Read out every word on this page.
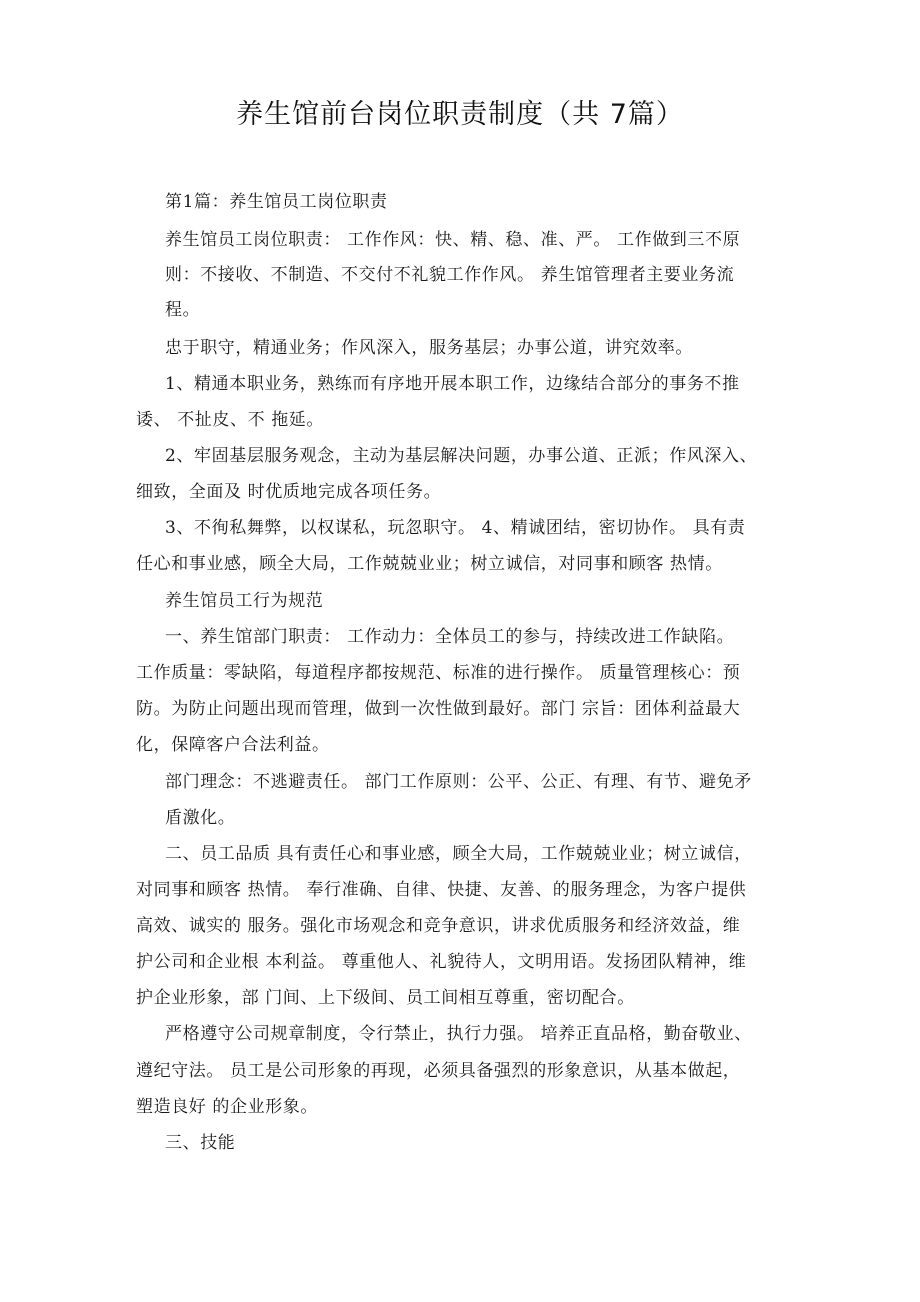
养生馆前台岗位职责制度（共 7篇）
第1篇：养生馆员工岗位职责
养生馆员工岗位职责： 工作作风：快、精、稳、准、严。 工作做到三不原
则：不接收、不制造、不交付不礼貌工作作风。 养生馆管理者主要业务流
程。
忠于职守，精通业务；作风深入，服务基层；办事公道，讲究效率。
1、精通本职业务，熟练而有序地开展本职工作，边缘结合部分的事务不推
诿、 不扯皮、不 拖延。
2、牢固基层服务观念，主动为基层解决问题，办事公道、正派；作风深入、
细致，全面及 时优质地完成各项任务。
3、不徇私舞弊，以权谋私，玩忽职守。 4、精诚团结，密切协作。 具有责
任心和事业感，顾全大局，工作兢兢业业；树立诚信，对同事和顾客 热情。
养生馆员工行为规范
一、养生馆部门职责： 工作动力：全体员工的参与，持续改进工作缺陷。
工作质量：零缺陷，每道程序都按规范、标准的进行操作。 质量管理核心：预
防。为防止问题出现而管理，做到一次性做到最好。部门 宗旨：团体利益最大
化，保障客户合法利益。
部门理念：不逃避责任。 部门工作原则：公平、公正、有理、有节、避免矛
盾激化。
二、员工品质 具有责任心和事业感，顾全大局，工作兢兢业业；树立诚信，
对同事和顾客 热情。 奉行准确、自律、快捷、友善、的服务理念，为客户提供
高效、诚实的 服务。强化市场观念和竞争意识，讲求优质服务和经济效益，维
护公司和企业根 本利益。 尊重他人、礼貌待人，文明用语。发扬团队精神，维
护企业形象，部 门间、上下级间、员工间相互尊重，密切配合。
严格遵守公司规章制度，令行禁止，执行力强。 培养正直品格，勤奋敬业、
遵纪守法。 员工是公司形象的再现，必须具备强烈的形象意识，从基本做起，
塑造良好 的企业形象。
三、技能
